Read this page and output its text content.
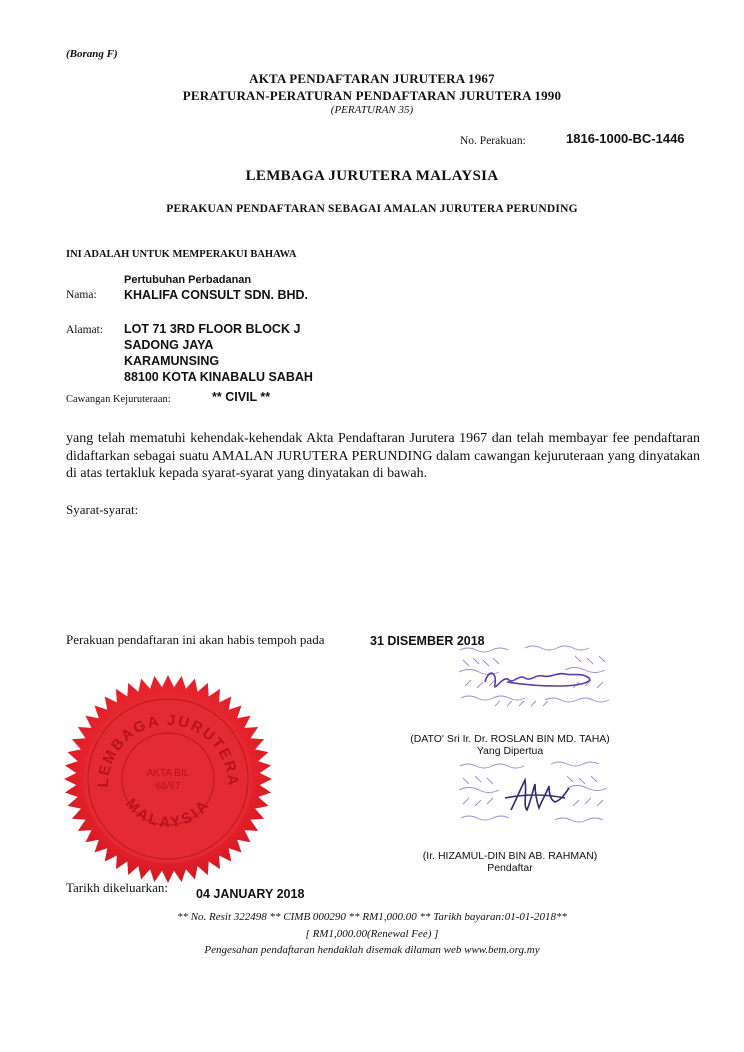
(Borang F)
AKTA PENDAFTARAN JURUTERA 1967
PERATURAN-PERATURAN PENDAFTARAN JURUTERA 1990
(PERATURAN 35)
No. Perakuan:	1816-1000-BC-1446
LEMBAGA JURUTERA MALAYSIA
PERAKUAN PENDAFTARAN SEBAGAI AMALAN JURUTERA PERUNDING
INI ADALAH UNTUK MEMPERAKUI BAHAWA
Pertubuhan Perbadanan
Nama: KHALIFA CONSULT SDN. BHD.
Alamat: LOT 71 3RD FLOOR BLOCK J
SADONG JAYA
KARAMUNSING
88100 KOTA KINABALU SABAH
Cawangan Kejuruteraan:	** CIVIL **
yang telah mematuhi kehendak-kehendak Akta Pendaftaran Jurutera 1967 dan telah membayar fee pendaftaran didaftarkan sebagai suatu AMALAN JURUTERA PERUNDING dalam cawangan kejuruteraan yang dinyatakan di atas tertakluk kepada syarat-syarat yang dinyatakan di bawah.
Syarat-syarat:
Perakuan pendaftaran ini akan habis tempoh pada	31 DISEMBER 2018
LEMBAGA JURUTERA
MALAYSIA
AKTA BIL
68/67
(DATO' Sri Ir. Dr. ROSLAN BIN MD. TAHA)
Yang Dipertua
(Ir. HIZAMUL-DIN BIN AB. RAHMAN)
Pendaftar
Tarikh dikeluarkan: 04 JANUARY 2018
** No. Resit 322498 ** CIMB 000290 ** RM1,000.00 ** Tarikh bayaran:01-01-2018**
[ RM1,000.00(Renewal Fee) ]
Pengesahan pendaftaran hendaklah disemak dilaman web www.bem.org.my
